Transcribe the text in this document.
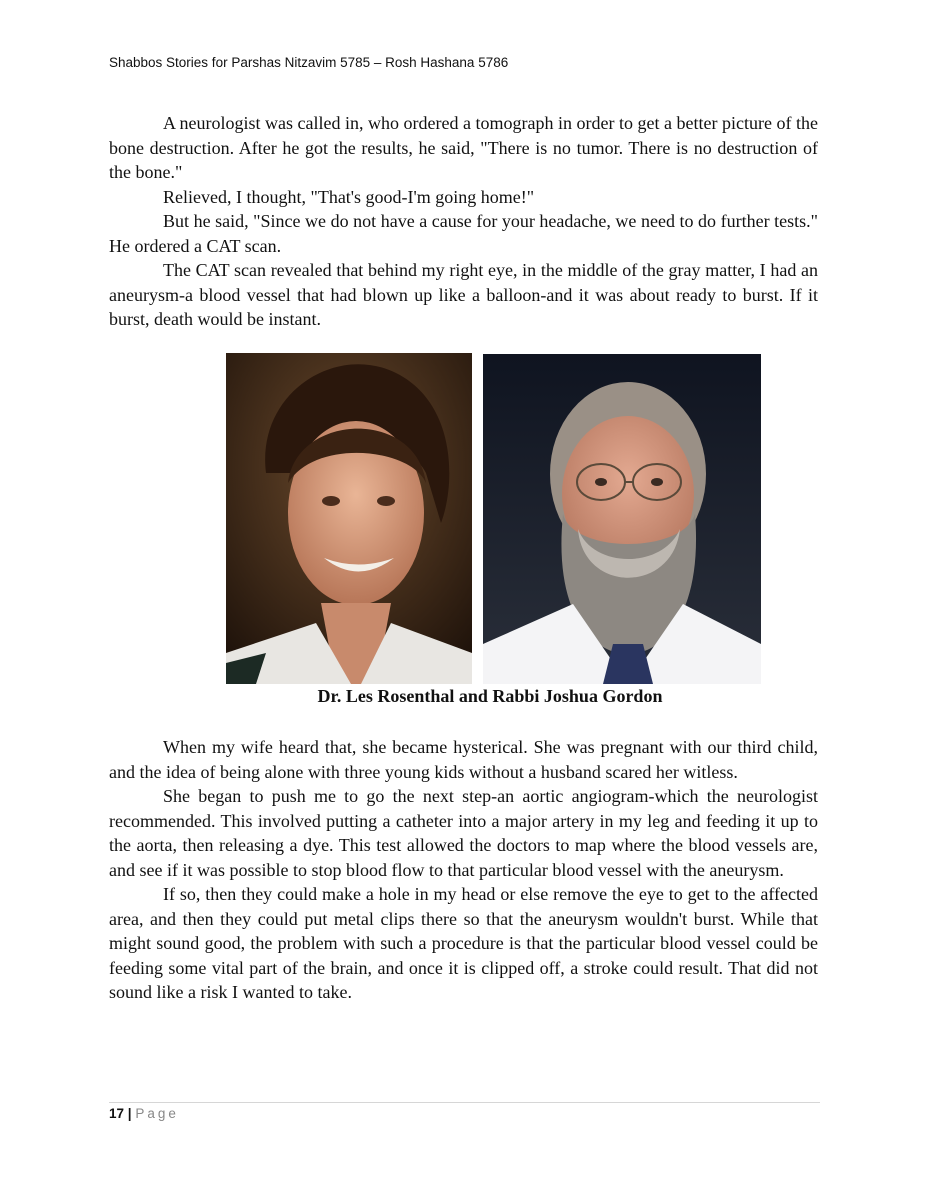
Shabbos Stories for Parshas Nitzavim 5785 – Rosh Hashana 5786

A neurologist was called in, who ordered a tomograph in order to get a better picture of the bone destruction. After he got the results, he said, "There is no tumor. There is no destruction of the bone."

Relieved, I thought, "That's good-I'm going home!"

But he said, "Since we do not have a cause for your headache, we need to do further tests." He ordered a CAT scan.

The CAT scan revealed that behind my right eye, in the middle of the gray matter, I had an aneurysm-a blood vessel that had blown up like a balloon-and it was about ready to burst. If it burst, death would be instant.

Dr. Les Rosenthal and Rabbi Joshua Gordon

When my wife heard that, she became hysterical. She was pregnant with our third child, and the idea of being alone with three young kids without a husband scared her witless.

She began to push me to go the next step-an aortic angiogram-which the neurologist recommended. This involved putting a catheter into a major artery in my leg and feeding it up to the aorta, then releasing a dye. This test allowed the doctors to map where the blood vessels are, and see if it was possible to stop blood flow to that particular blood vessel with the aneurysm.

If so, then they could make a hole in my head or else remove the eye to get to the affected area, and then they could put metal clips there so that the aneurysm wouldn't burst. While that might sound good, the problem with such a procedure is that the particular blood vessel could be feeding some vital part of the brain, and once it is clipped off, a stroke could result. That did not sound like a risk I wanted to take.

17 | Page
